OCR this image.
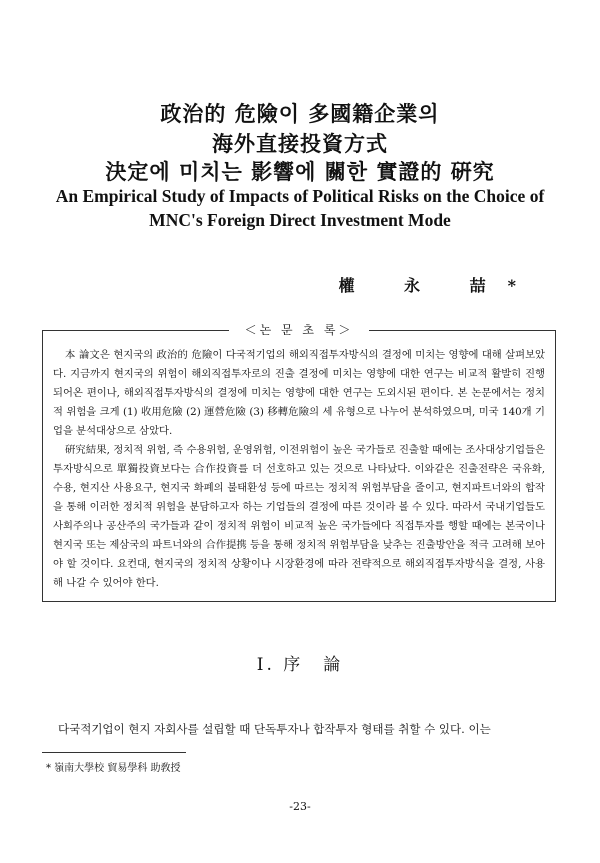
政治的 危險이 多國籍企業의
海外直接投資方式
決定에 미치는 影響에 關한 實證的 硏究
An Empirical Study of Impacts of Political Risks on the Choice of
MNC's Foreign Direct Investment Mode
權 永 喆*
＜논 문 초 록＞

本 論文은 현지국의 政治的 危險이 다국적기업의 해외직접투자방식의 결정에 미치는 영향에 대해 살펴보았다. 지금까지 현지국의 위험이 해외직접투자로의 진출 결정에 미치는 영향에 대한 연구는 비교적 활발히 진행되어온 편이나, 해외직접투자방식의 결정에 미치는 영향에 대한 연구는 도외시된 편이다. 본 논문에서는 정치적 위험을 크게 (1) 收用危險 (2) 運營危險 (3) 移轉危險의 세 유형으로 나누어 분석하였으며, 미국 140개 기업을 분석대상으로 삼았다.

硏究結果, 정치적 위험, 즉 수용위험, 운영위험, 이전위험이 높은 국가들로 진출할 때에는 조사대상기업들은 투자방식으로 單獨投資보다는 合作投資를 더 선호하고 있는 것으로 나타났다. 이와같은 진출전략은 국유화, 수용, 현지산 사용요구, 현지국 화폐의 불태환성 등에 따르는 정치적 위험부담을 줄이고, 현지파트너와의 합작을 통해 이러한 정치적 위험을 분담하고자 하는 기업들의 결정에 따른 것이라 볼 수 있다. 따라서 국내기업들도 사회주의나 공산주의 국가들과 같이 정치적 위험이 비교적 높은 국가들에다 직접투자를 행할 때에는 본국이나 현지국 또는 제삼국의 파트너와의 合作提携 등을 통해 정치적 위험부담을 낮추는 진출방안을 적극 고려해 보아야 할 것이다. 요컨대, 현지국의 정치적 상황이나 시장환경에 따라 전략적으로 해외직접투자방식을 결정, 사용해 나갈 수 있어야 한다.

I. 序　論
다국적기업이 현지 자회사를 설립할 때 단독투자나 합작투자 형태를 취할 수 있다. 이는
* 嶺南大學校 貿易學科 助敎授
-23-
